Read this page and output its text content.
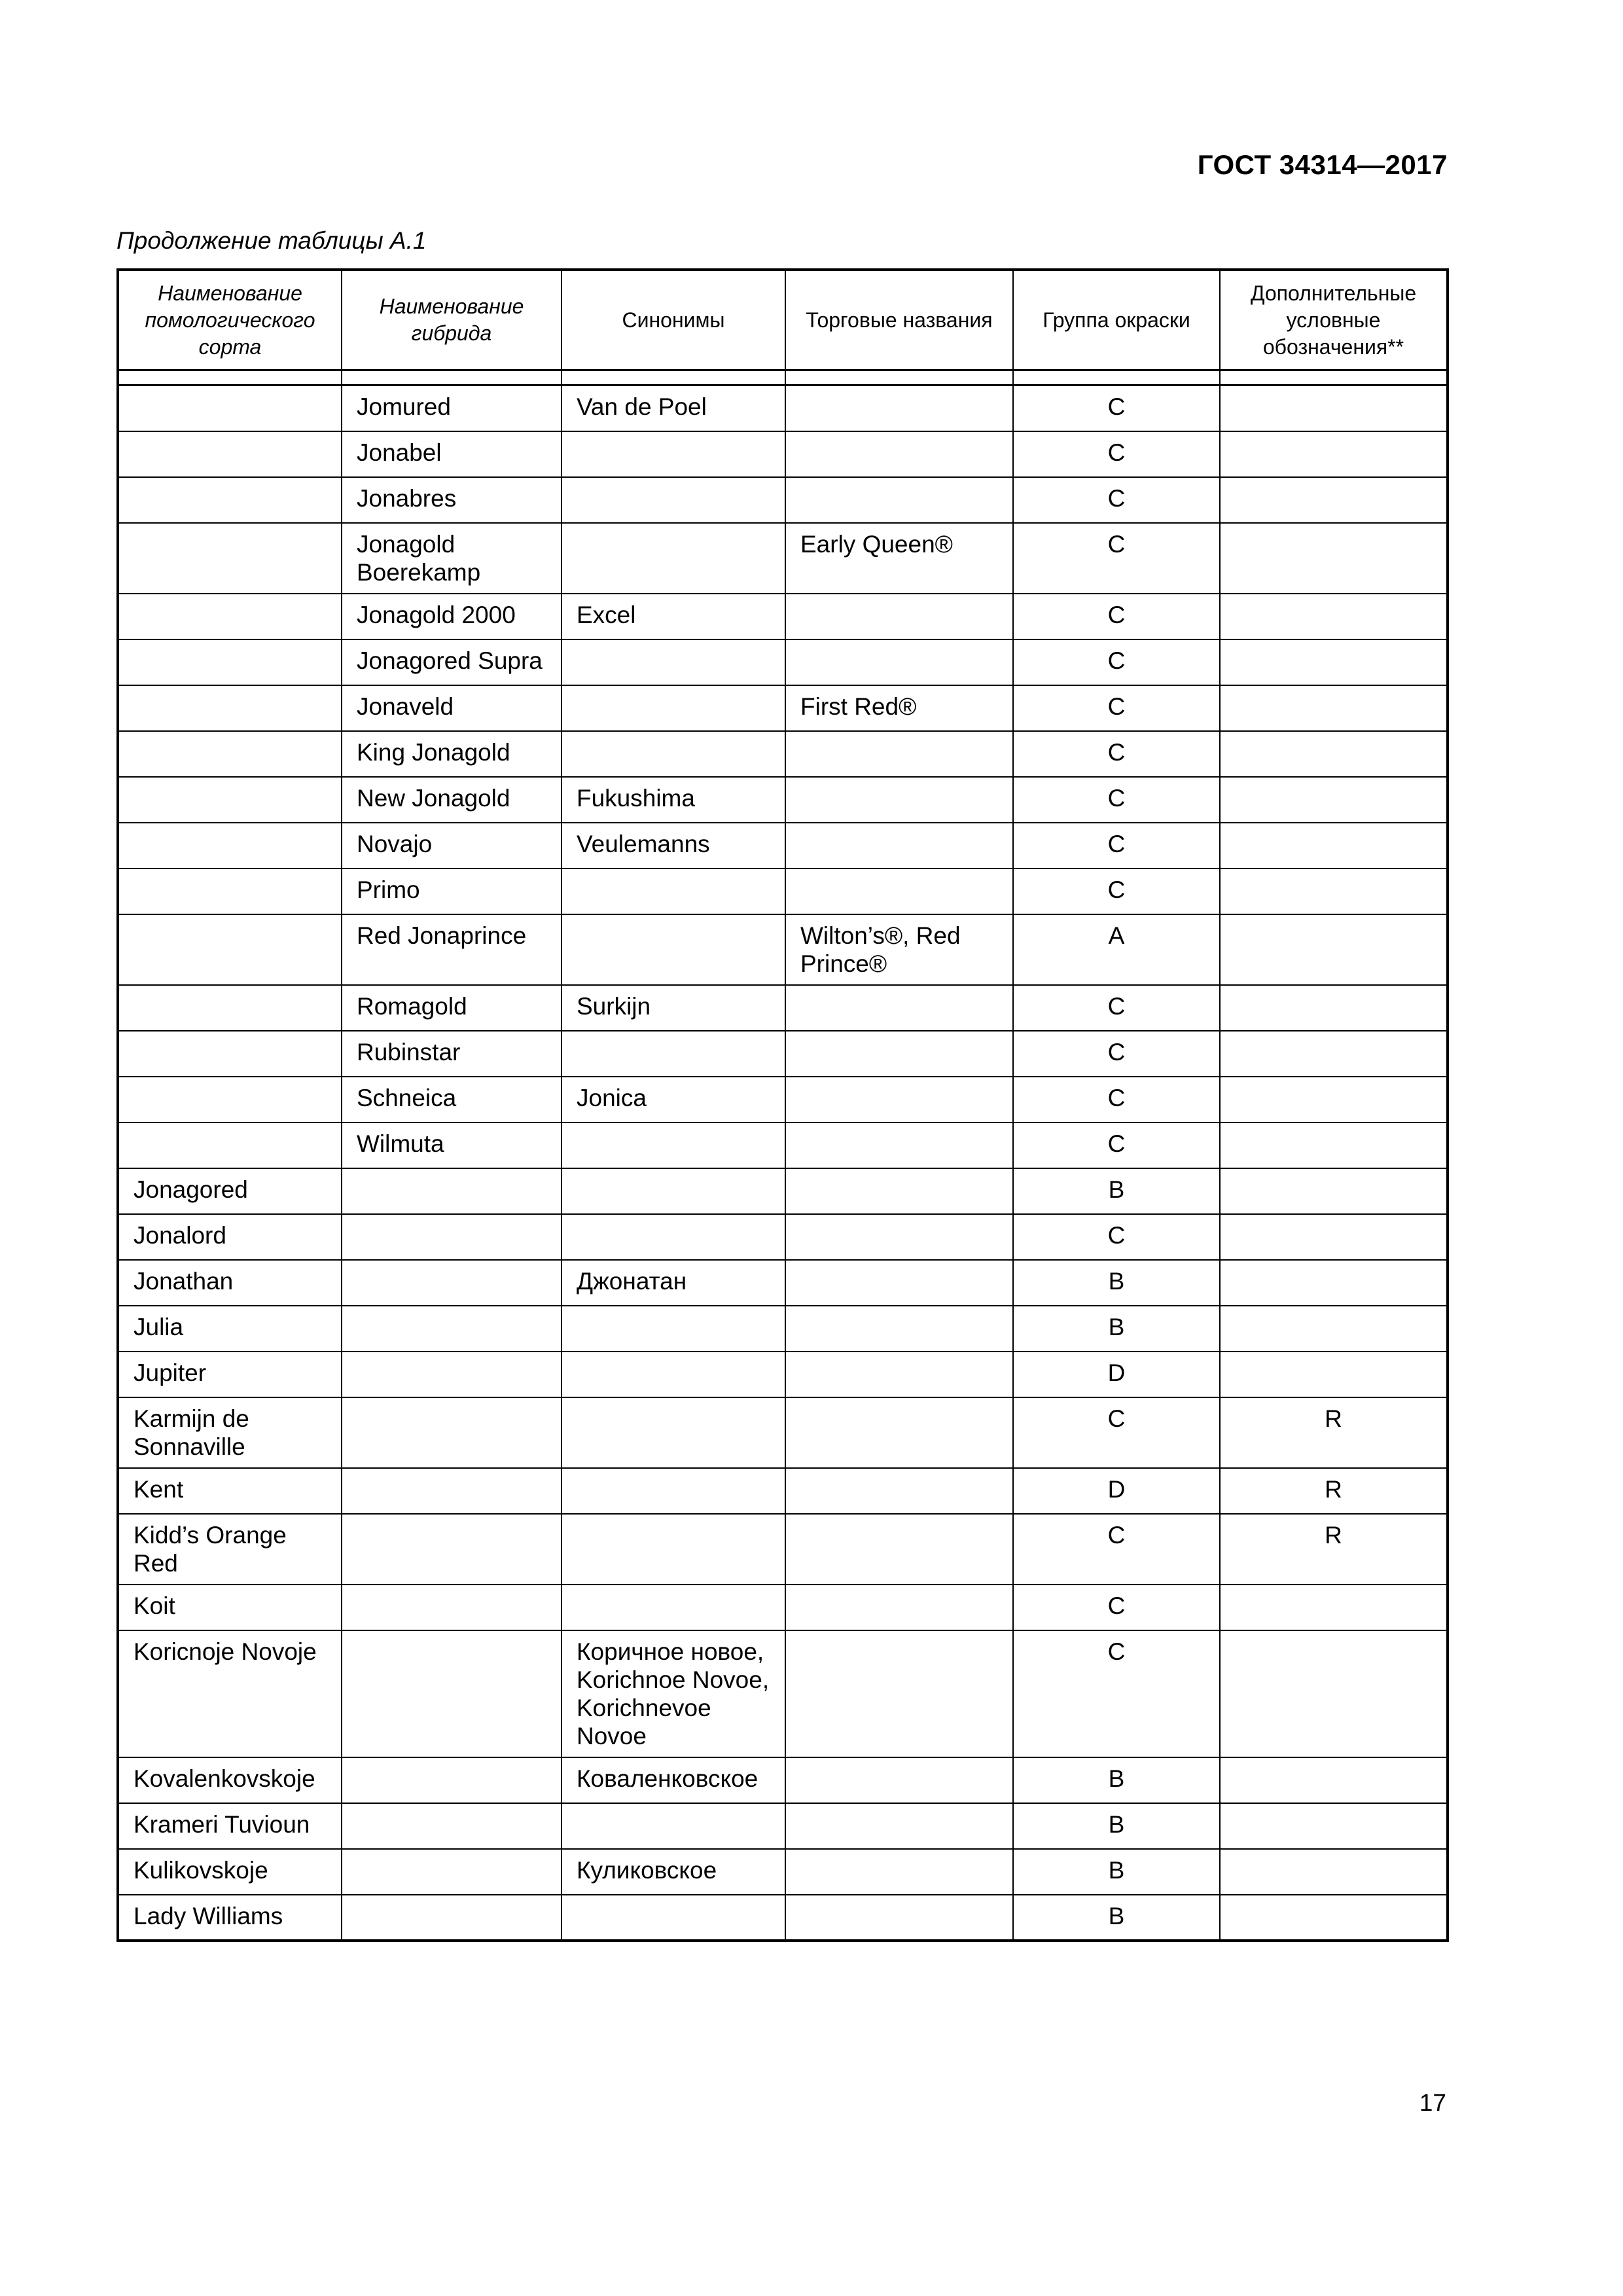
ГОСТ 34314—2017
Продолжение таблицы А.1
Наименование помологического сорта	Наименование гибрида	Синонимы	Торговые названия	Группа окраски	Дополнительные условные обозначения**

	Jomured	Van de Poel		C	
	Jonabel			C	
	Jonabres			C	
	Jonagold Boerekamp		Early Queen®	C	
	Jonagold 2000	Excel		C	
	Jonagored Supra			C	
	Jonaveld		First Red®	C	
	King Jonagold			C	
	New Jonagold	Fukushima		C	
	Novajo	Veulemanns		C	
	Primo			C	
	Red Jonaprince		Wilton’s®, Red Prince®	A	
	Romagold	Surkijn		C	
	Rubinstar			C	
	Schneica	Jonica		C	
	Wilmuta			C	
Jonagored				B	
Jonalord				C	
Jonathan		Джонатан		B	
Julia				B	
Jupiter				D	
Karmijn de Sonnaville				C	R
Kent				D	R
Kidd’s Orange Red				C	R
Koit				C	
Koricnoje Novoje		Коричное новое, Korichnoe Novoe, Korichnevoe Novoe		C	
Kovalenkovskoje		Коваленковское		B	
Krameri Tuvioun				B	
Kulikovskoje		Куликовское		B	
Lady Williams				B	
17
